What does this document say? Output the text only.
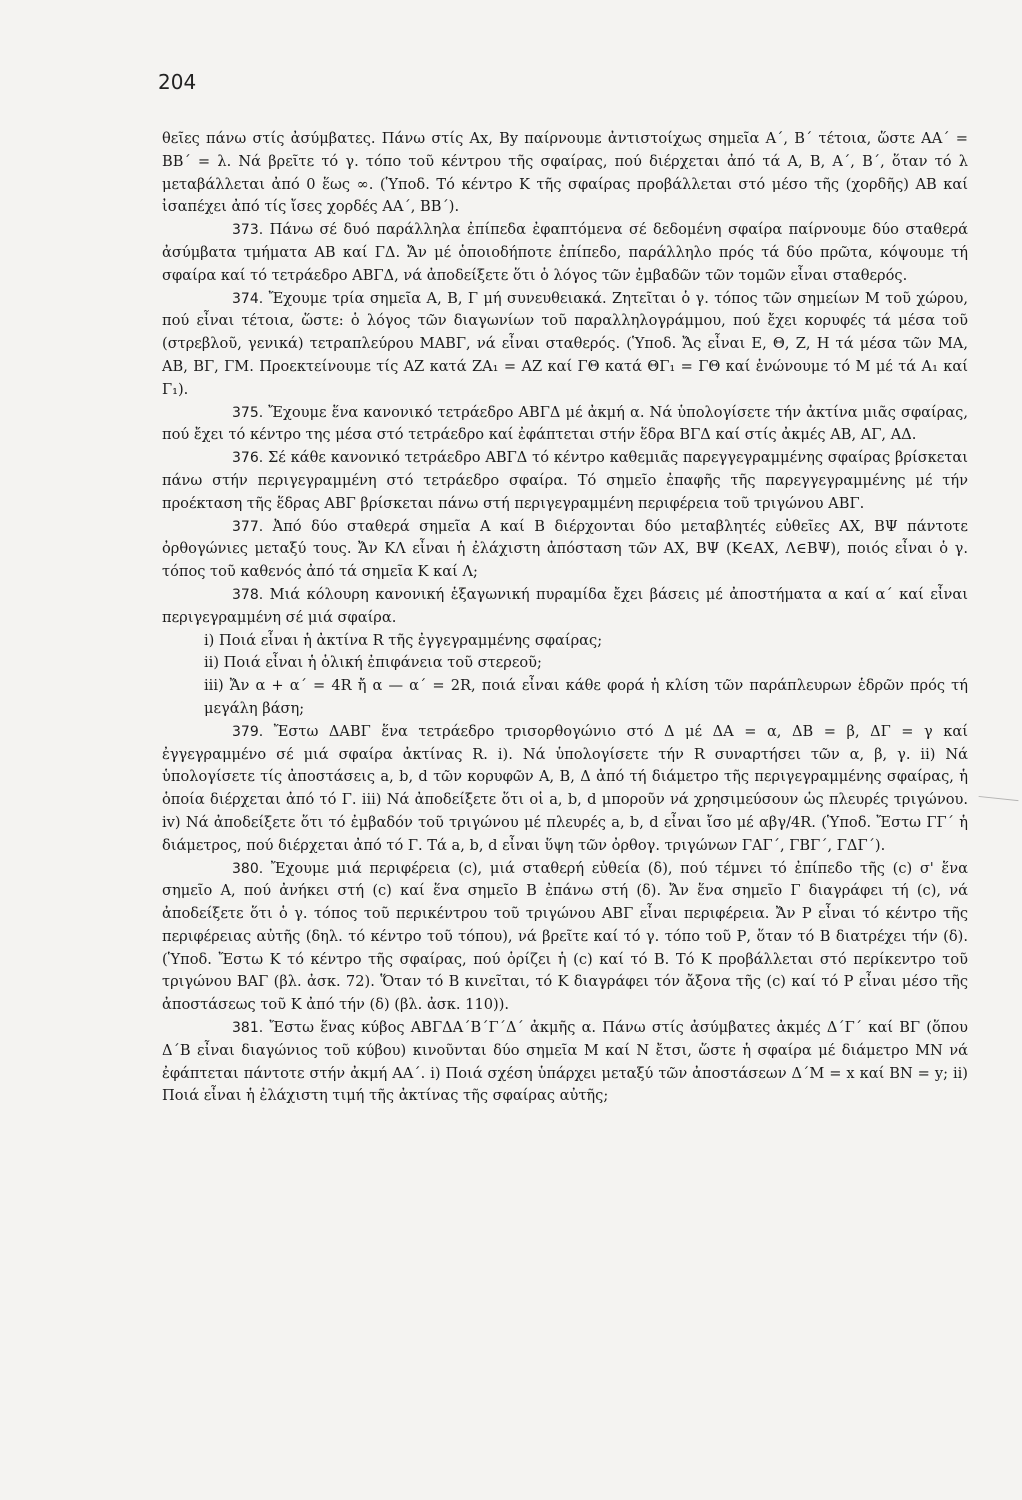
204

θεῖες πάνω στίς ἀσύμβατες. Πάνω στίς Ax, By παίρνουμε ἀντιστοίχως σημεῖα Α΄, Β΄ τέτοια, ὥστε ΑΑ΄ = ΒΒ΄ = λ. Νά βρεῖτε τό γ. τόπο τοῦ κέντρου τῆς σφαίρας, πού διέρχεται ἀπό τά Α, Β, Α΄, Β΄, ὅταν τό λ μεταβάλλεται ἀπό 0 ἕως ∞. (Ὑποδ. Τό κέντρο Κ τῆς σφαίρας προβάλλεται στό μέσο τῆς (χορδῆς) ΑΒ καί ἰσαπέχει ἀπό τίς ἴσες χορδές ΑΑ΄, ΒΒ΄).

373. Πάνω σέ δυό παράλληλα ἐπίπεδα ἐφαπτόμενα σέ δεδομένη σφαίρα παίρνουμε δύο σταθερά ἀσύμβατα τμήματα ΑΒ καί ΓΔ. Ἄν μέ ὁποιοδήποτε ἐπίπεδο, παράλληλο πρός τά δύο πρῶτα, κόψουμε τή σφαίρα καί τό τετράεδρο ΑΒΓΔ, νά ἀποδείξετε ὅτι ὁ λόγος τῶν ἐμβαδῶν τῶν τομῶν εἶναι σταθερός.

374. Ἔχουμε τρία σημεῖα Α, Β, Γ μή συνευθειακά. Ζητεῖται ὁ γ. τόπος τῶν σημείων Μ τοῦ χώρου, πού εἶναι τέτοια, ὥστε: ὁ λόγος τῶν διαγωνίων τοῦ παραλληλογράμμου, πού ἔχει κορυφές τά μέσα τοῦ (στρεβλοῦ, γενικά) τετραπλεύρου ΜΑΒΓ, νά εἶναι σταθερός. (Ὑποδ. Ἄς εἶναι Ε, Θ, Ζ, Η τά μέσα τῶν ΜΑ, ΑΒ, ΒΓ, ΓΜ. Προεκτείνουμε τίς ΑΖ κατά ΖΑ₁ = ΑΖ καί ΓΘ κατά ΘΓ₁ = ΓΘ καί ἑνώνουμε τό Μ μέ τά Α₁ καί Γ₁).

375. Ἔχουμε ἕνα κανονικό τετράεδρο ΑΒΓΔ μέ ἀκμή α. Νά ὑπολογίσετε τήν ἀκτίνα μιᾶς σφαίρας, πού ἔχει τό κέντρο της μέσα στό τετράεδρο καί ἐφάπτεται στήν ἕδρα ΒΓΔ καί στίς ἀκμές ΑΒ, ΑΓ, ΑΔ.

376. Σέ κάθε κανονικό τετράεδρο ΑΒΓΔ τό κέντρο καθεμιᾶς παρεγγεγραμμένης σφαίρας βρίσκεται πάνω στήν περιγεγραμμένη στό τετράεδρο σφαίρα. Τό σημεῖο ἐπαφῆς τῆς παρεγγεγραμμένης μέ τήν προέκταση τῆς ἕδρας ΑΒΓ βρίσκεται πάνω στή περιγεγραμμένη περιφέρεια τοῦ τριγώνου ΑΒΓ.

377. Ἀπό δύο σταθερά σημεῖα Α καί Β διέρχονται δύο μεταβλητές εὐθεῖες ΑΧ, ΒΨ πάντοτε ὀρθογώνιες μεταξύ τους. Ἄν ΚΛ εἶναι ἡ ἐλάχιστη ἀπόσταση τῶν ΑΧ, ΒΨ (Κ∈ΑΧ, Λ∈ΒΨ), ποιός εἶναι ὁ γ. τόπος τοῦ καθενός ἀπό τά σημεῖα Κ καί Λ;

378. Μιά κόλουρη κανονική ἑξαγωνική πυραμίδα ἔχει βάσεις μέ ἀποστήματα α καί α΄ καί εἶναι περιγεγραμμένη σέ μιά σφαίρα.

i) Ποιά εἶναι ἡ ἀκτίνα R τῆς ἐγγεγραμμένης σφαίρας;

ii) Ποιά εἶναι ἡ ὁλική ἐπιφάνεια τοῦ στερεοῦ;

iii) Ἄν α + α΄ = 4R ἤ α — α΄ = 2R, ποιά εἶναι κάθε φορά ἡ κλίση τῶν παράπλευρων ἑδρῶν πρός τή μεγάλη βάση;

379. Ἔστω ΔΑΒΓ ἕνα τετράεδρο τρισορθογώνιο στό Δ μέ ΔΑ = α, ΔΒ = β, ΔΓ = γ καί ἐγγεγραμμένο σέ μιά σφαίρα ἀκτίνας R. i). Νά ὑπολογίσετε τήν R συναρτήσει τῶν α, β, γ. ii) Νά ὑπολογίσετε τίς ἀποστάσεις a, b, d τῶν κορυφῶν Α, Β, Δ ἀπό τή διάμετρο τῆς περιγεγραμμένης σφαίρας, ἡ ὁποία διέρχεται ἀπό τό Γ. iii) Νά ἀποδείξετε ὅτι οἱ a, b, d μποροῦν νά χρησιμεύσουν ὡς πλευρές τριγώνου. iv) Νά ἀποδείξετε ὅτι τό ἐμβαδόν τοῦ τριγώνου μέ πλευρές a, b, d εἶναι ἴσο μέ αβγ/4R. (Ὑποδ. Ἔστω ΓΓ΄ ἡ διάμετρος, πού διέρχεται ἀπό τό Γ. Τά a, b, d εἶναι ὕψη τῶν ὀρθογ. τριγώνων ΓΑΓ΄, ΓΒΓ΄, ΓΔΓ΄).

380. Ἔχουμε μιά περιφέρεια (c), μιά σταθερή εὐθεία (δ), πού τέμνει τό ἐπίπεδο τῆς (c) σ' ἕνα σημεῖο Α, πού ἀνήκει στή (c) καί ἕνα σημεῖο Β ἐπάνω στή (δ). Ἄν ἕνα σημεῖο Γ διαγράφει τή (c), νά ἀποδείξετε ὅτι ὁ γ. τόπος τοῦ περικέντρου τοῦ τριγώνου ΑΒΓ εἶναι περιφέρεια. Ἄν Ρ εἶναι τό κέντρο τῆς περιφέρειας αὐτῆς (δηλ. τό κέντρο τοῦ τόπου), νά βρεῖτε καί τό γ. τόπο τοῦ Ρ, ὅταν τό Β διατρέχει τήν (δ). (Ὑποδ. Ἔστω Κ τό κέντρο τῆς σφαίρας, πού ὁρίζει ἡ (c) καί τό Β. Τό Κ προβάλλεται στό περίκεντρο τοῦ τριγώνου ΒΑΓ (βλ. ἀσκ. 72). Ὅταν τό Β κινεῖται, τό Κ διαγράφει τόν ἄξονα τῆς (c) καί τό Ρ εἶναι μέσο τῆς ἀποστάσεως τοῦ Κ ἀπό τήν (δ) (βλ. ἀσκ. 110)).

381. Ἔστω ἕνας κύβος ΑΒΓΔΑ΄Β΄Γ΄Δ΄ ἀκμῆς α. Πάνω στίς ἀσύμβατες ἀκμές Δ΄Γ΄ καί ΒΓ (ὅπου Δ΄Β εἶναι διαγώνιος τοῦ κύβου) κινοῦνται δύο σημεῖα Μ καί Ν ἔτσι, ὥστε ἡ σφαίρα μέ διάμετρο ΜΝ νά ἐφάπτεται πάντοτε στήν ἀκμή ΑΑ΄. i) Ποιά σχέση ὑπάρχει μεταξύ τῶν ἀποστάσεων Δ΄Μ = x καί ΒΝ = y; ii) Ποιά εἶναι ἡ ἐλάχιστη τιμή τῆς ἀκτίνας τῆς σφαίρας αὐτῆς;
